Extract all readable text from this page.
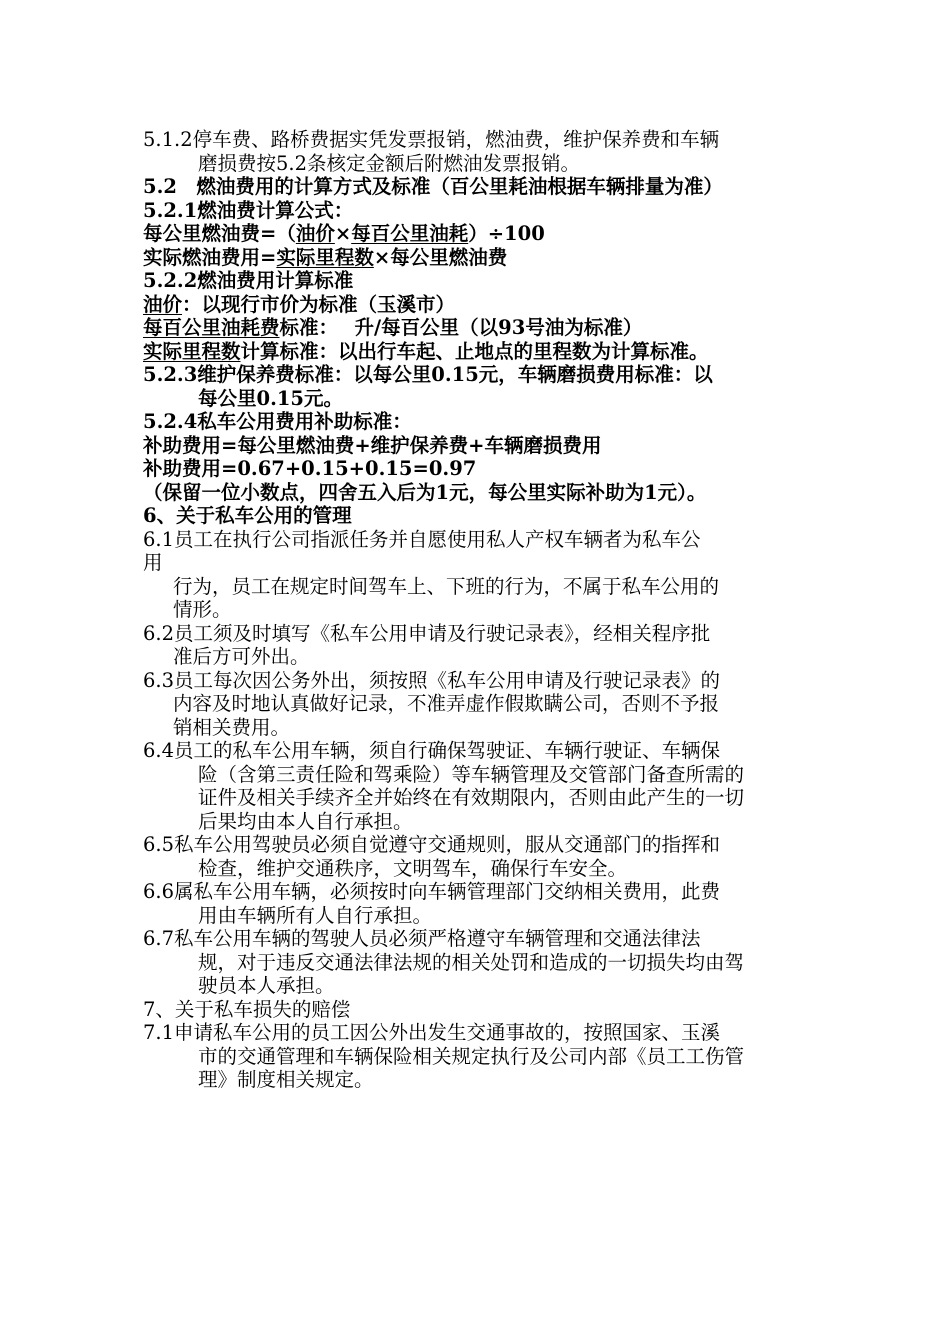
5.1.2停车费、路桥费据实凭发票报销，燃油费，维护保养费和车辆
磨损费按5.2条核定金额后附燃油发票报销。
5.2　燃油费用的计算方式及标准（百公里耗油根据车辆排量为准）
5.2.1燃油费计算公式：
每公里燃油费=（油价×每百公里油耗）÷100
实际燃油费用=实际里程数×每公里燃油费
5.2.2燃油费用计算标准
油价：以现行市价为标准（玉溪市）
每百公里油耗费标准：　 升/每百公里（以93号油为标准）
实际里程数计算标准：以出行车起、止地点的里程数为计算标准。
5.2.3维护保养费标准：以每公里0.15元，车辆磨损费用标准：以
每公里0.15元。
5.2.4私车公用费用补助标准：
补助费用=每公里燃油费+维护保养费+车辆磨损费用
补助费用=0.67+0.15+0.15=0.97
（保留一位小数点，四舍五入后为1元，每公里实际补助为1元）。
6、关于私车公用的管理
6.1员工在执行公司指派任务并自愿使用私人产权车辆者为私车公
用
行为，员工在规定时间驾车上、下班的行为，不属于私车公用的
情形。
6.2员工须及时填写《私车公用申请及行驶记录表》，经相关程序批
准后方可外出。
6.3员工每次因公务外出，须按照《私车公用申请及行驶记录表》的
内容及时地认真做好记录，不准弄虚作假欺瞒公司，否则不予报
销相关费用。
6.4员工的私车公用车辆，须自行确保驾驶证、车辆行驶证、车辆保
险（含第三责任险和驾乘险）等车辆管理及交管部门备查所需的
证件及相关手续齐全并始终在有效期限内，否则由此产生的一切
后果均由本人自行承担。
6.5私车公用驾驶员必须自觉遵守交通规则，服从交通部门的指挥和
检查，维护交通秩序，文明驾车，确保行车安全。
6.6属私车公用车辆，必须按时向车辆管理部门交纳相关费用，此费
用由车辆所有人自行承担。
6.7私车公用车辆的驾驶人员必须严格遵守车辆管理和交通法律法
规，对于违反交通法律法规的相关处罚和造成的一切损失均由驾
驶员本人承担。
7、关于私车损失的赔偿
7.1申请私车公用的员工因公外出发生交通事故的，按照国家、玉溪
市的交通管理和车辆保险相关规定执行及公司内部《员工工伤管
理》制度相关规定。
